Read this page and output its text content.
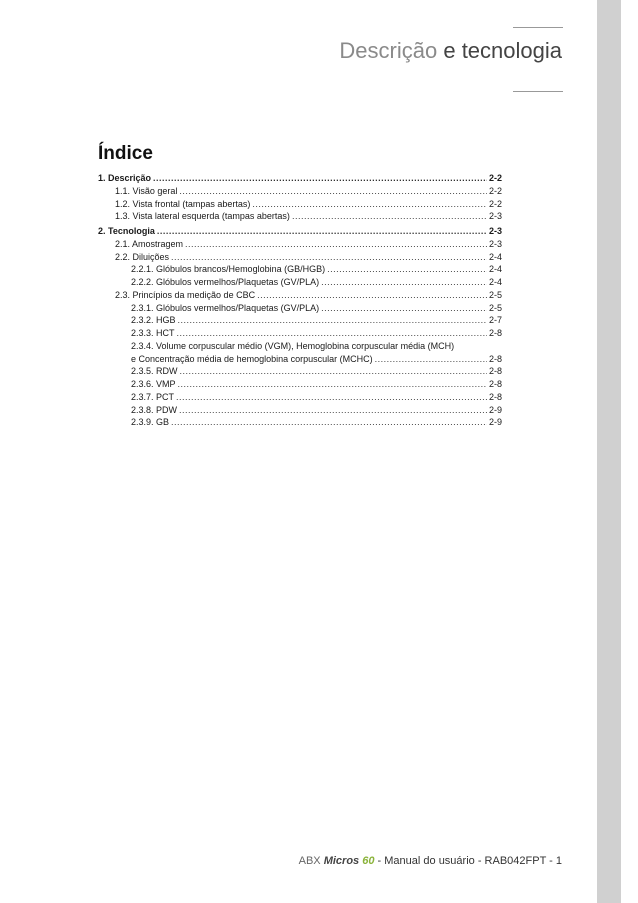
Descrição e tecnologia
Índice
1. Descrição .....	2-2
1.1. Visão geral .....	2-2
1.2. Vista frontal (tampas abertas) .....	2-2
1.3. Vista lateral esquerda (tampas abertas) .....	2-3
2. Tecnologia .....	2-3
2.1. Amostragem .....	2-3
2.2. Diluições .....	2-4
2.2.1. Glóbulos brancos/Hemoglobina (GB/HGB) .....	2-4
2.2.2. Glóbulos vermelhos/Plaquetas (GV/PLA) .....	2-4
2.3. Princípios da medição de CBC .....	2-5
2.3.1. Glóbulos vermelhos/Plaquetas (GV/PLA) .....	2-5
2.3.2. HGB .....	2-7
2.3.3. HCT .....	2-8
2.3.4. Volume corpuscular médio (VGM), Hemoglobina corpuscular média (MCH)
e Concentração média de hemoglobina corpuscular (MCHC) .....	2-8
2.3.5. RDW .....	2-8
2.3.6. VMP .....	2-8
2.3.7. PCT .....	2-8
2.3.8. PDW .....	2-9
2.3.9. GB .....	2-9
ABX Micros 60 - Manual do usuário - RAB042FPT - 1
